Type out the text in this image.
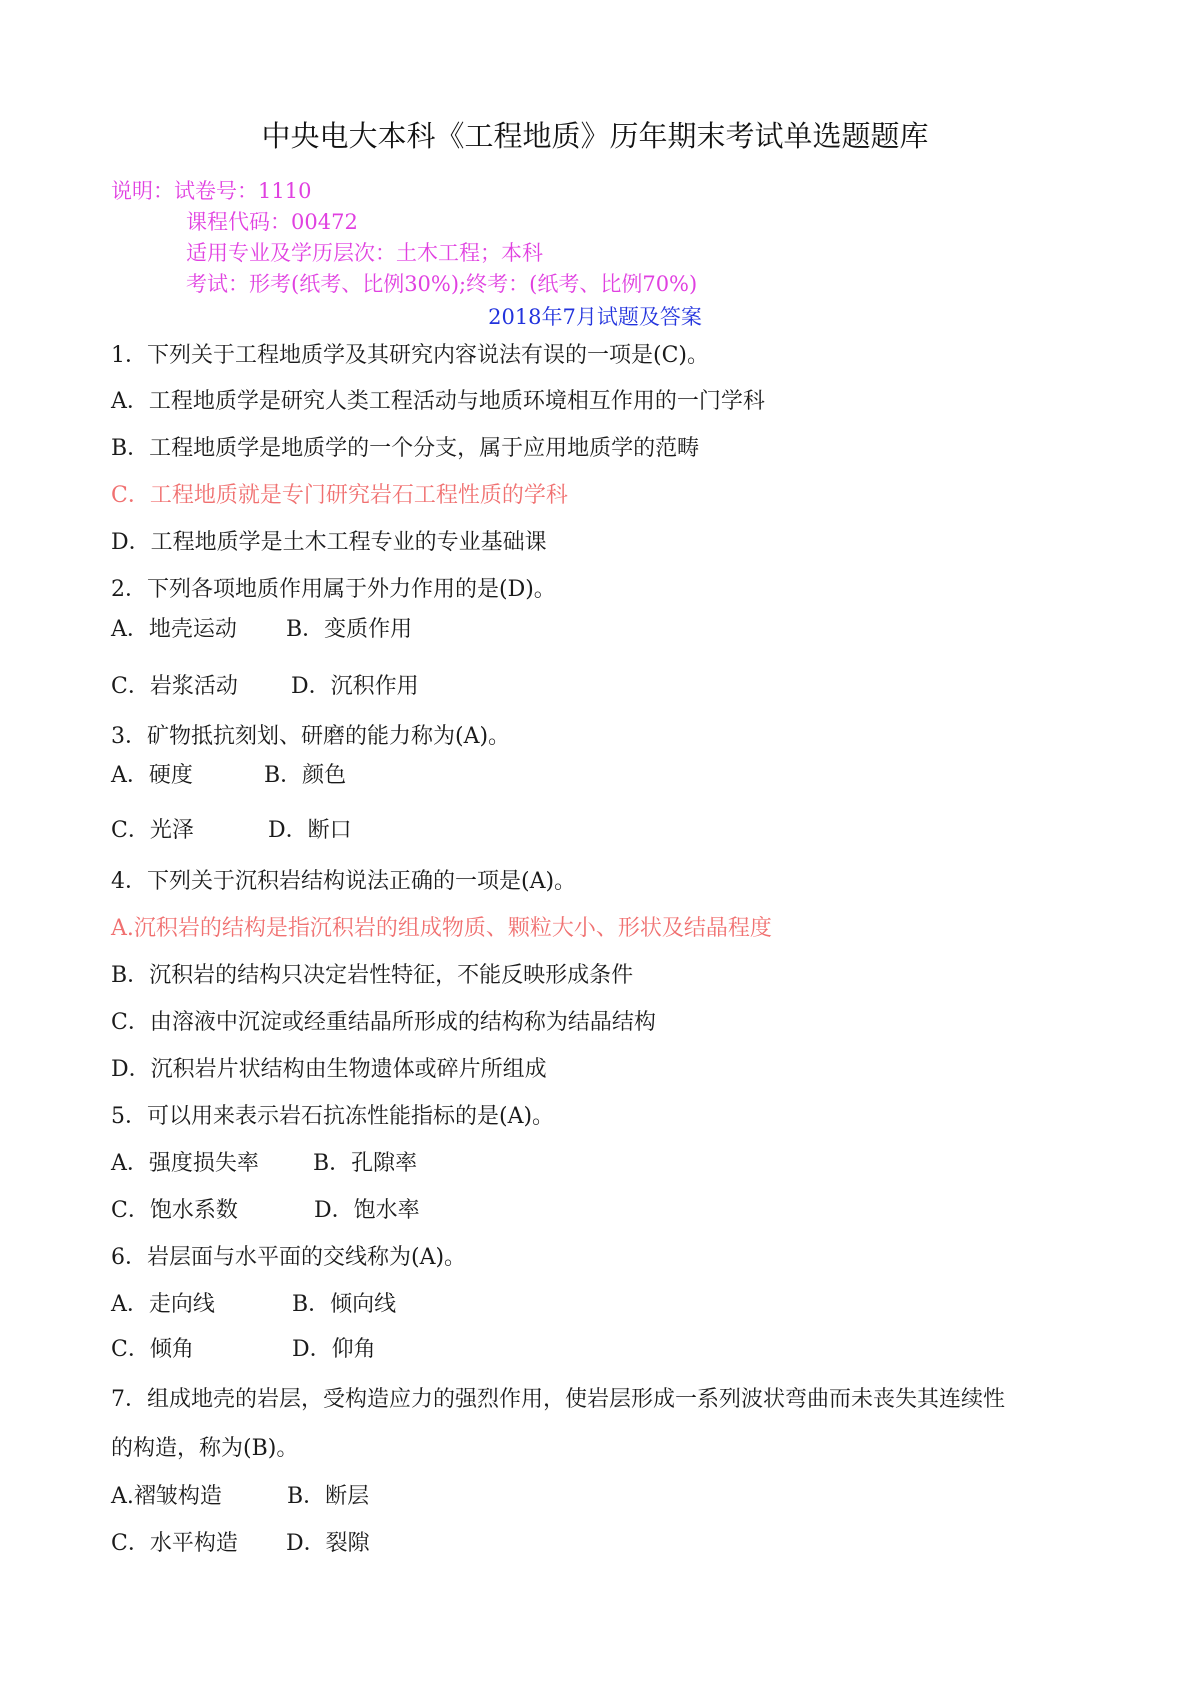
中央电大本科《工程地质》历年期末考试单选题题库
说明：试卷号：1110
课程代码：00472
适用专业及学历层次：土木工程；本科
考试：形考(纸考、比例30%);终考：(纸考、比例70%)
2018年7月试题及答案
1．下列关于工程地质学及其研究内容说法有误的一项是(C)。
A．工程地质学是研究人类工程活动与地质环境相互作用的一门学科
B．工程地质学是地质学的一个分支，属于应用地质学的范畴
C．工程地质就是专门研究岩石工程性质的学科
D．工程地质学是土木工程专业的专业基础课
2．下列各项地质作用属于外力作用的是(D)。
A．地壳运动 B．变质作用
C．岩浆活动 D．沉积作用
3．矿物抵抗刻划、研磨的能力称为(A)。
A．硬度	B．颜色
C．光泽	D．断口
4．下列关于沉积岩结构说法正确的一项是(A)。
A.沉积岩的结构是指沉积岩的组成物质、颗粒大小、形状及结晶程度
B．沉积岩的结构只决定岩性特征，不能反映形成条件
C．由溶液中沉淀或经重结晶所形成的结构称为结晶结构
D．沉积岩片状结构由生物遗体或碎片所组成
5．可以用来表示岩石抗冻性能指标的是(A)。
A．强度损失率 B．孔隙率
C．饱水系数	D．饱水率
6．岩层面与水平面的交线称为(A)。
A．走向线	B．倾向线
C．倾角	D．仰角
7．组成地壳的岩层，受构造应力的强烈作用，使岩层形成一系列波状弯曲而未丧失其连续性
的构造，称为(B)。
A.褶皱构造	B．断层
C．水平构造 D．裂隙
